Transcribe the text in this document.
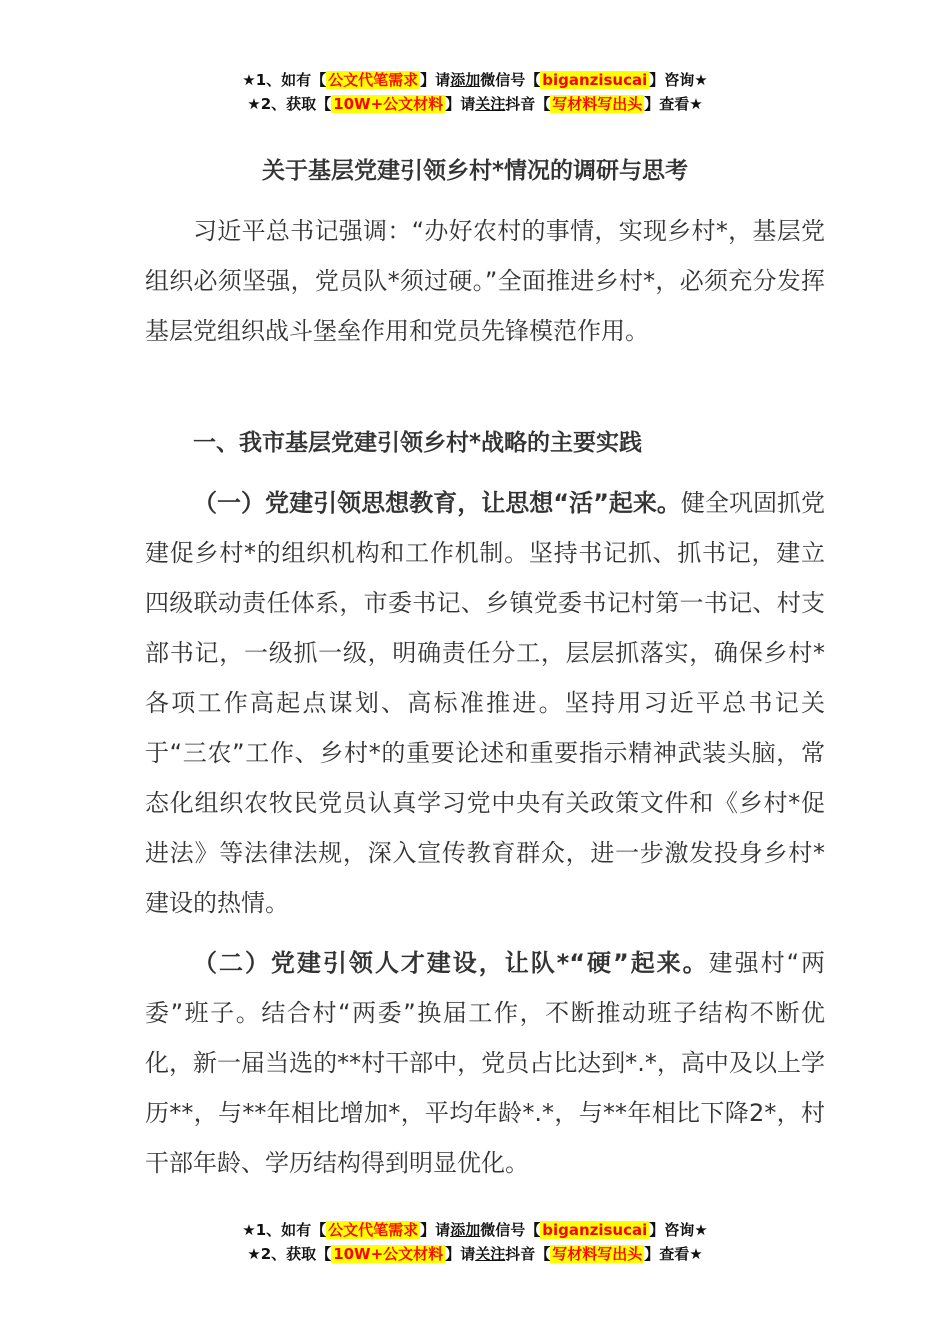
★1、如有【 公文代笔需求 】请添加微信号【 biganzisucai 】咨询★
★2、获取【 10W+公文材料 】请关注抖音【 写材料写出头 】查看★
关于基层党建引领乡村*情况的调研与思考

习近平总书记强调：“办好农村的事情，实现乡村*，基层党组织必须坚强，党员队*须过硬。”全面推进乡村*，必须充分发挥基层党组织战斗堡垒作用和党员先锋模范作用。

一、我市基层党建引领乡村*战略的主要实践

（一）党建引领思想教育，让思想“活”起来。健全巩固抓党建促乡村*的组织机构和工作机制。坚持书记抓、抓书记，建立四级联动责任体系，市委书记、乡镇党委书记村第一书记、村支部书记，一级抓一级，明确责任分工，层层抓落实，确保乡村*各项工作高起点谋划、高标准推进。坚持用习近平总书记关于“三农”工作、乡村*的重要论述和重要指示精神武装头脑，常态化组织农牧民党员认真学习党中央有关政策文件和《乡村*促进法》等法律法规，深入宣传教育群众，进一步激发投身乡村*建设的热情。

（二）党建引领人才建设，让队*“硬”起来。建强村“两委”班子。结合村“两委”换届工作，不断推动班子结构不断优化，新一届当选的**村干部中，党员占比达到*.*，高中及以上学历**，与**年相比增加*，平均年龄*.*，与**年相比下降2*，村干部年龄、学历结构得到明显优化。

★1、如有【 公文代笔需求 】请添加微信号【 biganzisucai 】咨询★
★2、获取【 10W+公文材料 】请关注抖音【 写材料写出头 】查看★
